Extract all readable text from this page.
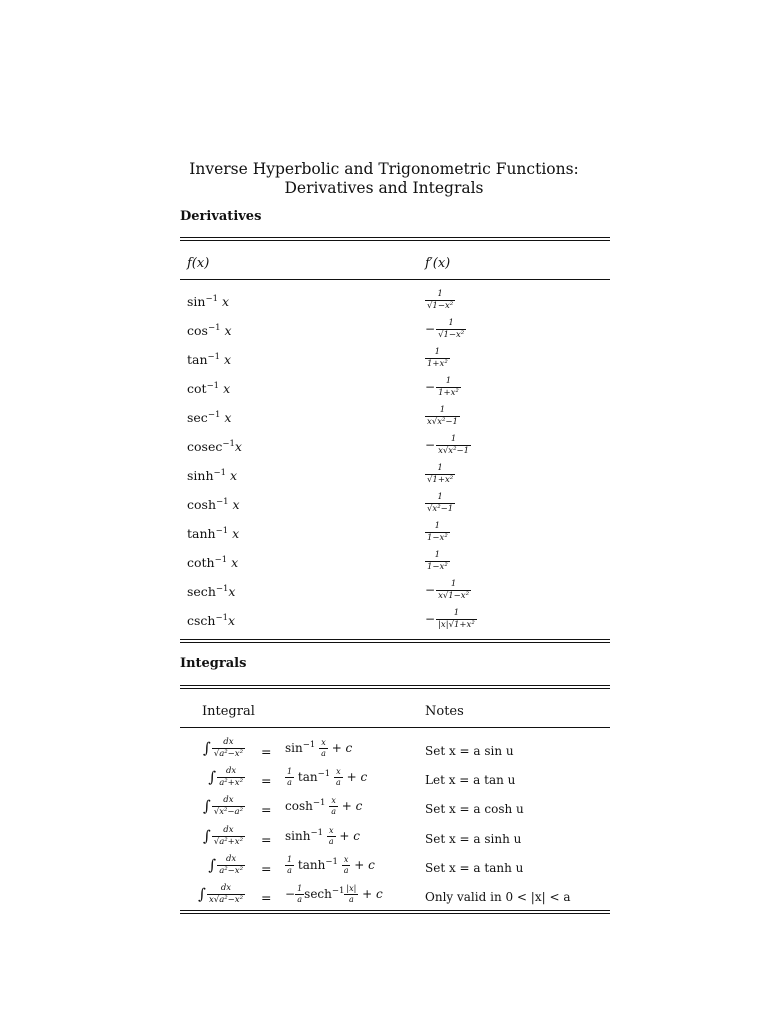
Inverse Hyperbolic and Trigonometric Functions:
Derivatives and Integrals
Derivatives
f(x)	f′(x)
$\sin^{-1} x$	$\frac{1}{\text{√1−x²}}$
$\cos^{-1} x$	− $\frac{1}{\text{√1−x²}}$
$\tan^{-1} x$	$\frac{1}{\text{1+x²}}$
$\cot^{-1} x$	− $\frac{1}{\text{1+x²}}$
$\sec^{-1} x$	$\frac{1}{\text{x√x²−1}}$
cosec$^{-1}$x	− $\frac{1}{\text{x√x²−1}}$
$\sinh^{-1} x$	$\frac{1}{\text{√1+x²}}$
$\cosh^{-1} x$	$\frac{1}{\text{√x²−1}}$
$\tanh^{-1} x$	$\frac{1}{\text{1−x²}}$
coth$^{-1}$ x	$\frac{1}{\text{1−x²}}$
sech$^{-1}$x	− $\frac{1}{\text{x√1−x²}}$
csch$^{-1}$x	− $\frac{1}{\text{|x|√1+x²}}$
Integrals
Integral	Notes
∫ $\frac{dx}{\text{√a²−x²}} = \sin^{-1} \frac{x}{a} + c$	Set x = a sin u
∫ $\frac{dx}{\text{a²+x²}} = \frac{1}{a} \tan^{-1} \frac{x}{a} + c$	Let x = a tan u
∫ $\frac{dx}{\text{√x²−a²}} = \cosh^{-1} \frac{x}{a} + c$	Set x = a cosh u
∫ $\frac{dx}{\text{√a²+x²}} = \sinh^{-1} \frac{x}{a} + c$	Set x = a sinh u
∫ $\frac{dx}{\text{a²−x²}} = \frac{1}{a} \tanh^{-1} \frac{x}{a} + c$	Set x = a tanh u
∫ $\frac{dx}{\text{x√a²−x²}}$ = − $\frac{1}{a} \sec h^{-1} \frac{|x|}{a} + c$	Only valid in 0 < |x| < a
